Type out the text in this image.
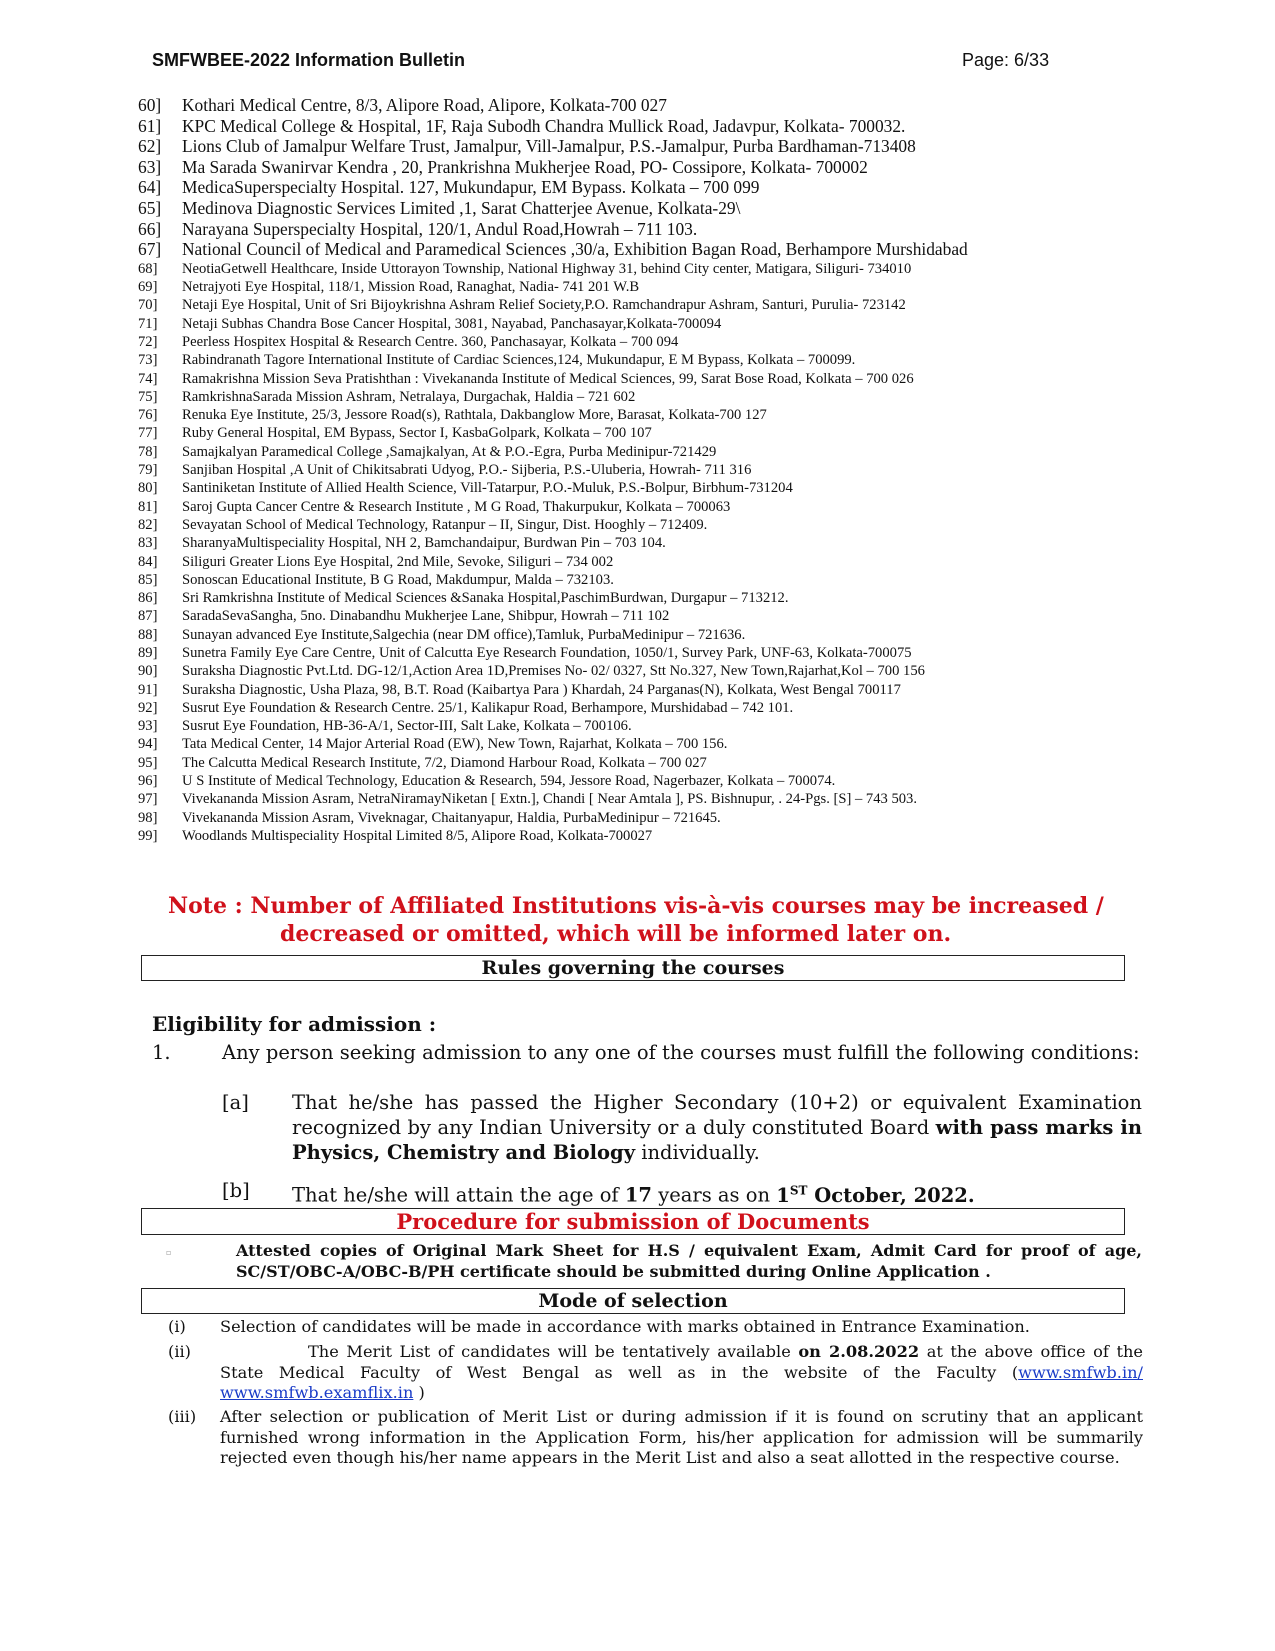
SMFWBEE-2022 Information Bulletin	Page: 6/33
60]	Kothari Medical Centre, 8/3, Alipore Road, Alipore, Kolkata-700 027
61]	KPC Medical College & Hospital, 1F, Raja Subodh Chandra Mullick Road, Jadavpur, Kolkata- 700032.
62]	Lions Club of Jamalpur Welfare Trust, Jamalpur, Vill-Jamalpur, P.S.-Jamalpur, Purba Bardhaman-713408
63]	Ma Sarada Swanirvar Kendra , 20, Prankrishna Mukherjee Road, PO- Cossipore, Kolkata- 700002
64]	MedicaSuperspecialty Hospital. 127, Mukundapur, EM Bypass. Kolkata – 700 099
65]	Medinova Diagnostic Services Limited ,1, Sarat Chatterjee Avenue, Kolkata-29\
66]	Narayana Superspecialty Hospital, 120/1, Andul Road,Howrah – 711 103.
67]	National Council of Medical and Paramedical Sciences ,30/a, Exhibition Bagan Road, Berhampore Murshidabad
68]	NeotiaGetwell Healthcare, Inside Uttorayon Township, National Highway 31, behind City center, Matigara, Siliguri- 734010
69]	Netrajyoti Eye Hospital, 118/1, Mission Road, Ranaghat, Nadia- 741 201 W.B
70]	Netaji Eye Hospital, Unit of Sri Bijoykrishna Ashram Relief Society,P.O. Ramchandrapur Ashram, Santuri, Purulia- 723142
71]	Netaji Subhas Chandra Bose Cancer Hospital, 3081, Nayabad, Panchasayar,Kolkata-700094
72]	Peerless Hospitex Hospital & Research Centre. 360, Panchasayar, Kolkata – 700 094
73]	Rabindranath Tagore International Institute of Cardiac Sciences,124, Mukundapur, E M Bypass, Kolkata – 700099.
74]	Ramakrishna Mission Seva Pratishthan : Vivekananda Institute of Medical Sciences, 99, Sarat Bose Road, Kolkata – 700 026
75]	RamkrishnaSarada Mission Ashram, Netralaya, Durgachak, Haldia – 721 602
76]	Renuka Eye Institute, 25/3, Jessore Road(s), Rathtala, Dakbanglow More, Barasat, Kolkata-700 127
77]	Ruby General Hospital, EM Bypass, Sector I, KasbaGolpark, Kolkata – 700 107
78]	Samajkalyan Paramedical College ,Samajkalyan, At & P.O.-Egra, Purba Medinipur-721429
79]	Sanjiban Hospital ,A Unit of Chikitsabrati Udyog, P.O.- Sijberia, P.S.-Uluberia, Howrah- 711 316
80]	Santiniketan Institute of Allied Health Science, Vill-Tatarpur, P.O.-Muluk, P.S.-Bolpur, Birbhum-731204
81]	Saroj Gupta Cancer Centre & Research Institute , M G Road, Thakurpukur, Kolkata – 700063
82]	Sevayatan School of Medical Technology, Ratanpur – II, Singur, Dist. Hooghly – 712409.
83]	SharanyaMultispeciality Hospital, NH 2, Bamchandaipur, Burdwan Pin – 703 104.
84]	Siliguri Greater Lions Eye Hospital, 2nd Mile, Sevoke, Siliguri – 734 002
85]	Sonoscan Educational Institute, B G Road, Makdumpur, Malda – 732103.
86]	Sri Ramkrishna Institute of Medical Sciences &Sanaka Hospital,PaschimBurdwan, Durgapur – 713212.
87]	SaradaSevaSangha, 5no. Dinabandhu Mukherjee Lane, Shibpur, Howrah – 711 102
88]	Sunayan advanced Eye Institute,Salgechia (near DM office),Tamluk, PurbaMedinipur – 721636.
89]	Sunetra Family Eye Care Centre, Unit of Calcutta Eye Research Foundation, 1050/1, Survey Park, UNF-63, Kolkata-700075
90]	Suraksha Diagnostic Pvt.Ltd. DG-12/1,Action Area 1D,Premises No- 02/ 0327, Stt No.327, New Town,Rajarhat,Kol – 700 156
91]	Suraksha Diagnostic, Usha Plaza, 98, B.T. Road (Kaibartya Para ) Khardah, 24 Parganas(N), Kolkata, West Bengal 700117
92]	Susrut Eye Foundation & Research Centre. 25/1, Kalikapur Road, Berhampore, Murshidabad – 742 101.
93]	Susrut Eye Foundation, HB-36-A/1, Sector-III, Salt Lake, Kolkata – 700106.
94]	Tata Medical Center, 14 Major Arterial Road (EW), New Town, Rajarhat, Kolkata – 700 156.
95]	The Calcutta Medical Research Institute, 7/2, Diamond Harbour Road, Kolkata – 700 027
96]	U S Institute of Medical Technology, Education & Research, 594, Jessore Road, Nagerbazer, Kolkata – 700074.
97]	Vivekananda Mission Asram, NetraNiramayNiketan [ Extn.], Chandi [ Near Amtala ], PS. Bishnupur, . 24-Pgs. [S] – 743 503.
98]	Vivekananda Mission Asram, Viveknagar, Chaitanyapur, Haldia, PurbaMedinipur – 721645.
99]	Woodlands Multispeciality Hospital Limited 8/5, Alipore Road, Kolkata-700027
Note : Number of Affiliated Institutions vis-à-vis courses may be increased /
decreased or omitted, which will be informed later on.
Rules governing the courses
Eligibility for admission :
1.	Any person seeking admission to any one of the courses must fulfill the following conditions:
[a] That he/she has passed the Higher Secondary (10+2) or equivalent Examination recognized by any Indian University or a duly constituted Board with pass marks in Physics, Chemistry and Biology individually.
[b] That he/she will attain the age of 17 years as on 1ST October, 2022.
Procedure for submission of Documents
▫	Attested copies of Original Mark Sheet for H.S / equivalent Exam, Admit Card for proof of age, SC/ST/OBC-A/OBC-B/PH certificate should be submitted during Online Application .
Mode of selection
(i) Selection of candidates will be made in accordance with marks obtained in Entrance Examination.
(ii)	The Merit List of candidates will be tentatively available on 2.08.2022 at the above office of the State Medical Faculty of West Bengal as well as in the website of the Faculty (www.smfwb.in/ www.smfwb.examflix.in )
(iii) After selection or publication of Merit List or during admission if it is found on scrutiny that an applicant furnished wrong information in the Application Form, his/her application for admission will be summarily rejected even though his/her name appears in the Merit List and also a seat allotted in the respective course.
